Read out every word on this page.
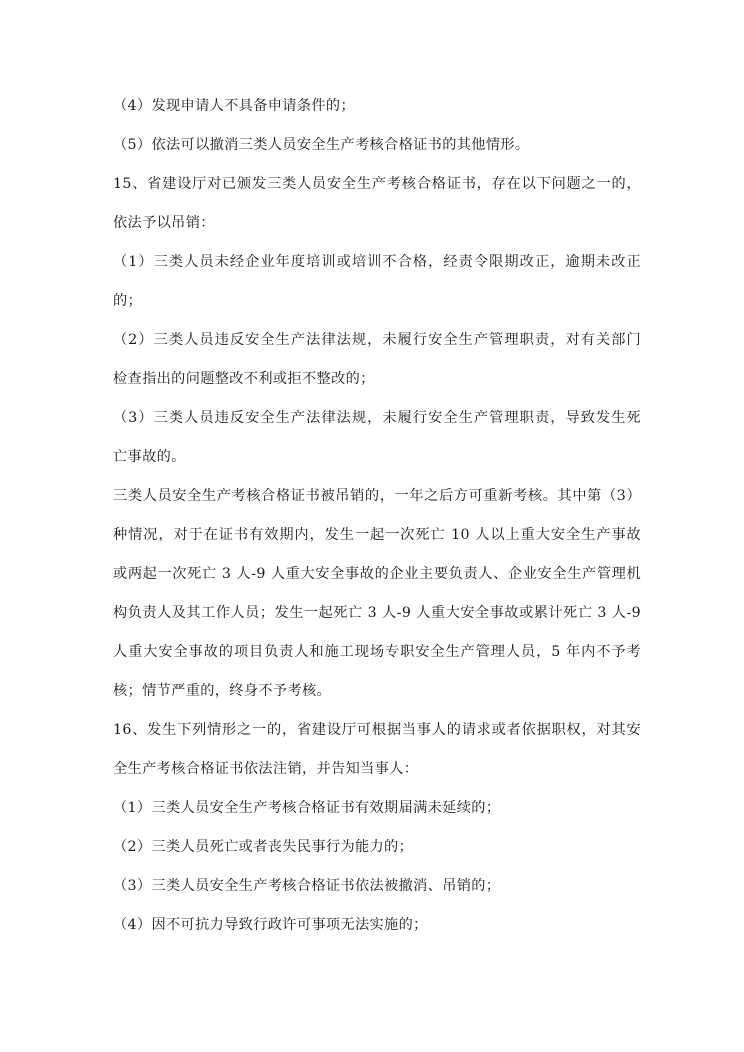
（4）发现申请人不具备申请条件的；
（5）依法可以撤消三类人员安全生产考核合格证书的其他情形。
15、省建设厅对已颁发三类人员安全生产考核合格证书，存在以下问题之一的，
依法予以吊销：
（1）三类人员未经企业年度培训或培训不合格，经责令限期改正，逾期未改正
的；
（2）三类人员违反安全生产法律法规，未履行安全生产管理职责，对有关部门
检查指出的问题整改不利或拒不整改的；
（3）三类人员违反安全生产法律法规，未履行安全生产管理职责，导致发生死
亡事故的。
三类人员安全生产考核合格证书被吊销的，一年之后方可重新考核。其中第（3）
种情况，对于在证书有效期内，发生一起一次死亡 10 人以上重大安全生产事故
或两起一次死亡 3 人-9 人重大安全事故的企业主要负责人、企业安全生产管理机
构负责人及其工作人员；发生一起死亡 3 人-9 人重大安全事故或累计死亡 3 人-9
人重大安全事故的项目负责人和施工现场专职安全生产管理人员，5 年内不予考
核；情节严重的，终身不予考核。
16、发生下列情形之一的，省建设厅可根据当事人的请求或者依据职权，对其安
全生产考核合格证书依法注销，并告知当事人：
（1）三类人员安全生产考核合格证书有效期届满未延续的；
（2）三类人员死亡或者丧失民事行为能力的；
（3）三类人员安全生产考核合格证书依法被撤消、吊销的；
（4）因不可抗力导致行政许可事项无法实施的；
